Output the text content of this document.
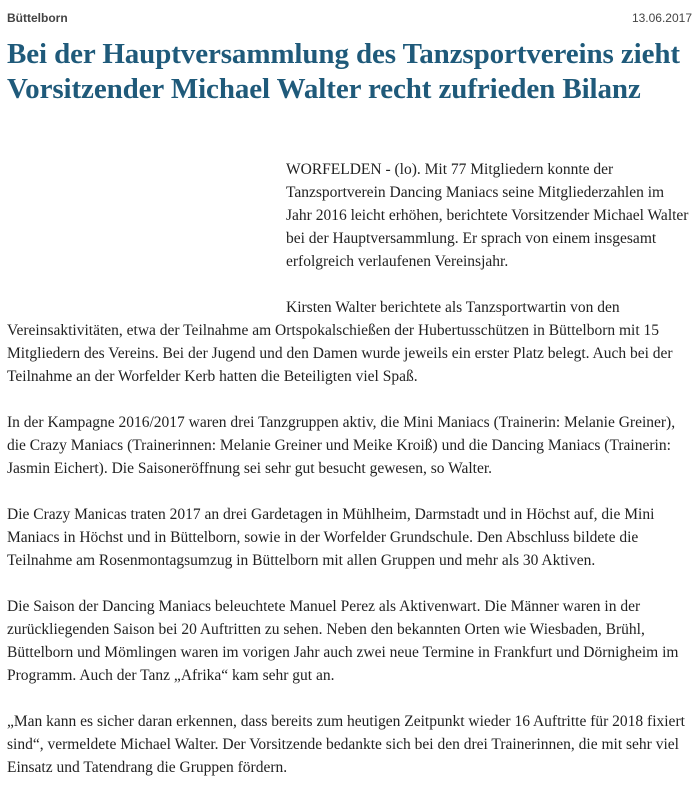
Büttelborn	13.06.2017
Bei der Hauptversammlung des Tanzsportvereins zieht Vorsitzender Michael Walter recht zufrieden Bilanz

WORFELDEN - (lo). Mit 77 Mitgliedern konnte der Tanzsportverein Dancing Maniacs seine Mitgliederzahlen im Jahr 2016 leicht erhöhen, berichtete Vorsitzender Michael Walter bei der Hauptversammlung. Er sprach von einem insgesamt erfolgreich verlaufenen Vereinsjahr.

Kirsten Walter berichtete als Tanzsportwartin von den Vereinsaktivitäten, etwa der Teilnahme am Ortspokalschießen der Hubertusschützen in Büttelborn mit 15 Mitgliedern des Vereins. Bei der Jugend und den Damen wurde jeweils ein erster Platz belegt. Auch bei der Teilnahme an der Worfelder Kerb hatten die Beteiligten viel Spaß.

In der Kampagne 2016/2017 waren drei Tanzgruppen aktiv, die Mini Maniacs (Trainerin: Melanie Greiner), die Crazy Maniacs (Trainerinnen: Melanie Greiner und Meike Kroiß) und die Dancing Maniacs (Trainerin: Jasmin Eichert). Die Saisoneröffnung sei sehr gut besucht gewesen, so Walter.

Die Crazy Manicas traten 2017 an drei Gardetagen in Mühlheim, Darmstadt und in Höchst auf, die Mini Maniacs in Höchst und in Büttelborn, sowie in der Worfelder Grundschule. Den Abschluss bildete die Teilnahme am Rosenmontagsumzug in Büttelborn mit allen Gruppen und mehr als 30 Aktiven.

Die Saison der Dancing Maniacs beleuchtete Manuel Perez als Aktivenwart. Die Männer waren in der zurückliegenden Saison bei 20 Auftritten zu sehen. Neben den bekannten Orten wie Wiesbaden, Brühl, Büttelborn und Mömlingen waren im vorigen Jahr auch zwei neue Termine in Frankfurt und Dörnigheim im Programm. Auch der Tanz „Afrika“ kam sehr gut an.

„Man kann es sicher daran erkennen, dass bereits zum heutigen Zeitpunkt wieder 16 Auftritte für 2018 fixiert sind“, vermeldete Michael Walter. Der Vorsitzende bedankte sich bei den drei Trainerinnen, die mit sehr viel Einsatz und Tatendrang die Gruppen fördern.
